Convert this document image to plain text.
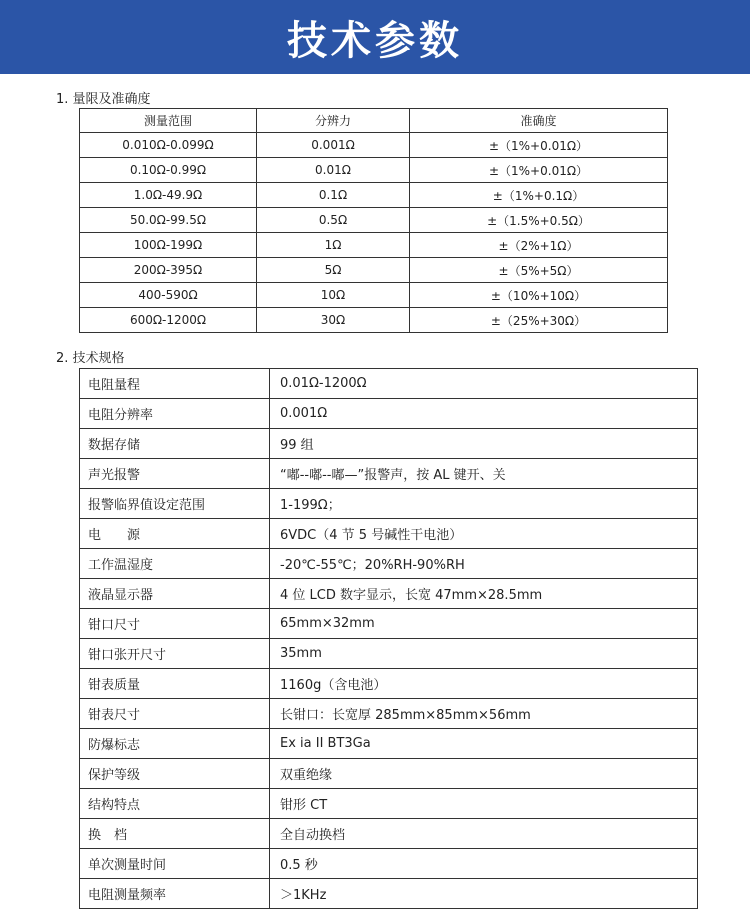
技术参数
1. 量限及准确度
测量范围	分辨力	准确度
0.010Ω-0.099Ω	0.001Ω	±（1%+0.01Ω）
0.10Ω-0.99Ω	0.01Ω	±（1%+0.01Ω）
1.0Ω-49.9Ω	0.1Ω	±（1%+0.1Ω）
50.0Ω-99.5Ω	0.5Ω	±（1.5%+0.5Ω）
100Ω-199Ω	1Ω	±（2%+1Ω）
200Ω-395Ω	5Ω	±（5%+5Ω）
400-590Ω	10Ω	±（10%+10Ω）
600Ω-1200Ω	30Ω	±（25%+30Ω）
2. 技术规格
电阻量程	0.01Ω-1200Ω
电阻分辨率	0.001Ω
数据存储	99 组
声光报警	“嘟--嘟--嘟—”报警声，按 AL 键开、关
报警临界值设定范围	1-199Ω；
电　　源	6VDC（4 节 5 号碱性干电池）
工作温湿度	-20℃-55℃；20%RH-90%RH
液晶显示器	4 位 LCD 数字显示，长宽 47mm×28.5mm
钳口尺寸	65mm×32mm
钳口张开尺寸	35mm
钳表质量	1160g（含电池）
钳表尺寸	长钳口：长宽厚 285mm×85mm×56mm
防爆标志	Ex ia II BT3Ga
保护等级	双重绝缘
结构特点	钳形 CT
换　档	全自动换档
单次测量时间	0.5 秒
电阻测量频率	＞1KHz
